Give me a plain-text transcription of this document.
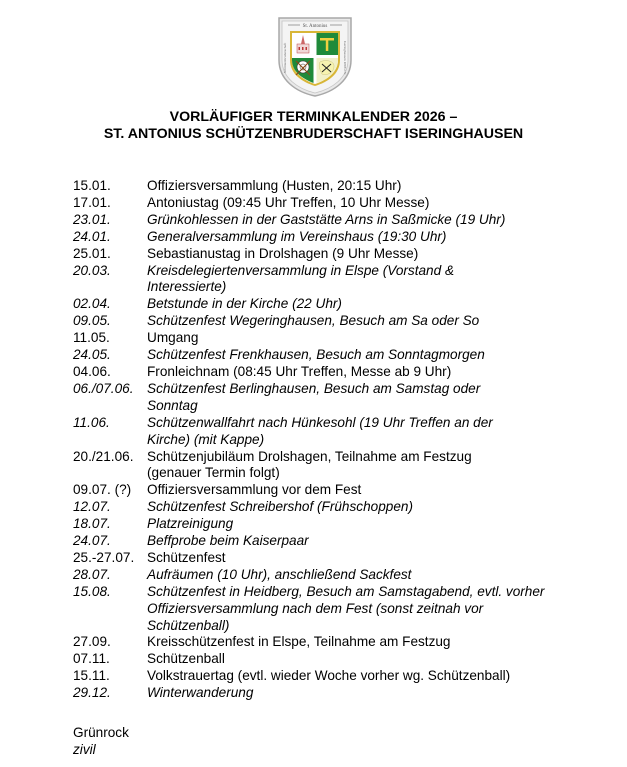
St. Antonius
Schützenbruderschaft	Iseringhausen 1888 e.V.
VORLÄUFIGER TERMINKALENDER 2026 –
ST. ANTONIUS SCHÜTZENBRUDERSCHAFT ISERINGHAUSEN
15.01.	Offiziersversammlung (Husten, 20:15 Uhr)
17.01.	Antoniustag (09:45 Uhr Treffen, 10 Uhr Messe)
23.01.	Grünkohlessen in der Gaststätte Arns in Saßmicke (19 Uhr)
24.01.	Generalversammlung im Vereinshaus (19:30 Uhr)
25.01.	Sebastianustag in Drolshagen (9 Uhr Messe)
20.03.	Kreisdelegiertenversammlung in Elspe (Vorstand & Interessierte)
02.04.	Betstunde in der Kirche (22 Uhr)
09.05.	Schützenfest Wegeringhausen, Besuch am Sa oder So
11.05.	Umgang
24.05.	Schützenfest Frenkhausen, Besuch am Sonntagmorgen
04.06.	Fronleichnam (08:45 Uhr Treffen, Messe ab 9 Uhr)
06./07.06. Schützenfest Berlinghausen, Besuch am Samstag oder Sonntag
11.06.	Schützenwallfahrt nach Hünkesohl (19 Uhr Treffen an der Kirche) (mit Kappe)
20./21.06. Schützenjubiläum Drolshagen, Teilnahme am Festzug (genauer Termin folgt)
09.07. (?)	Offiziersversammlung vor dem Fest
12.07.	Schützenfest Schreibershof (Frühschoppen)
18.07.	Platzreinigung
24.07.	Beffprobe beim Kaiserpaar
25.-27.07. Schützenfest
28.07.	Aufräumen (10 Uhr), anschließend Sackfest
15.08.	Schützenfest in Heidberg, Besuch am Samstagabend, evtl. vorher Offiziersversammlung nach dem Fest (sonst zeitnah vor Schützenball)
27.09.	Kreisschützenfest in Elspe, Teilnahme am Festzug
07.11.	Schützenball
15.11.	Volkstrauertag (evtl. wieder Woche vorher wg. Schützenball)
29.12.	Winterwanderung
Grünrock
zivil
